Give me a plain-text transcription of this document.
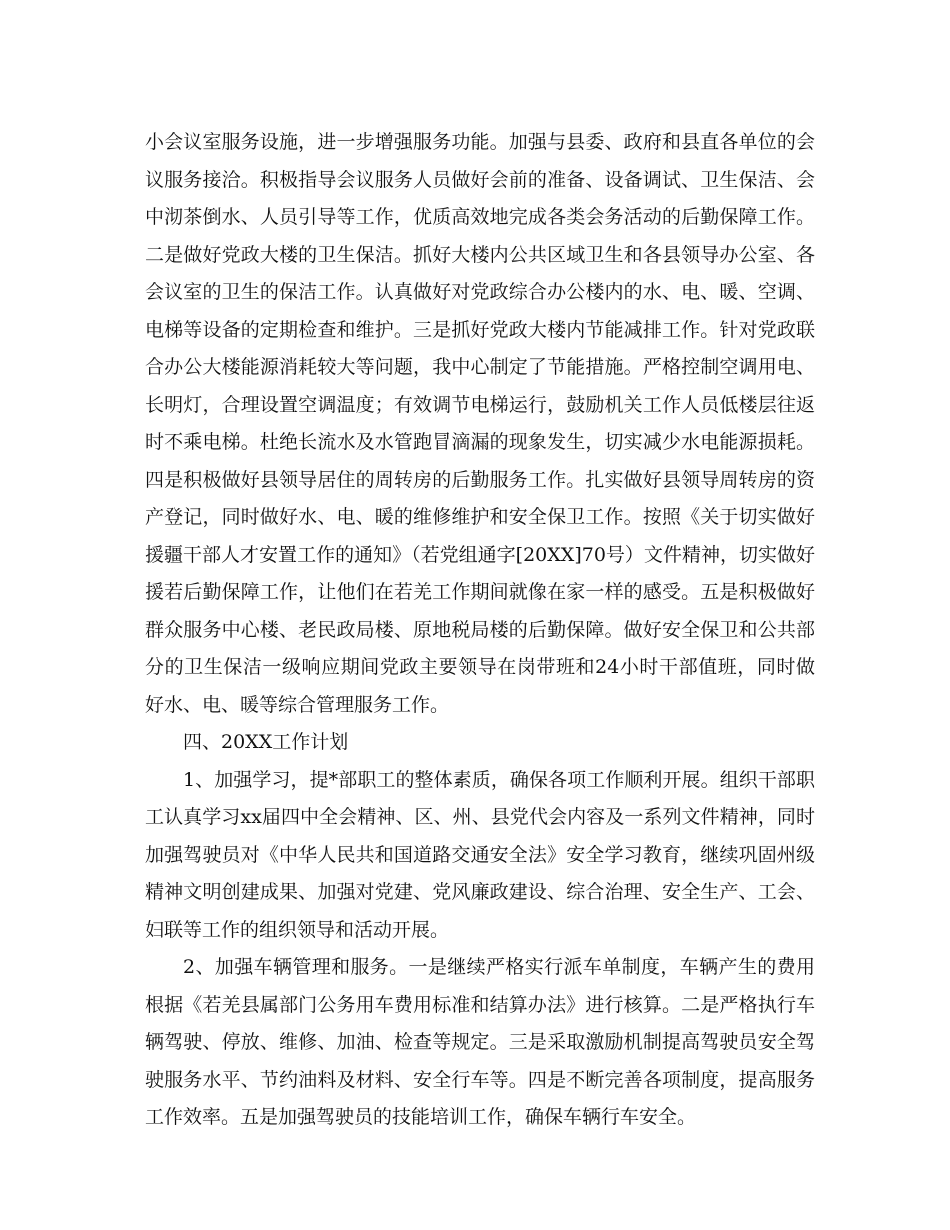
小会议室服务设施，进一步增强服务功能。加强与县委、政府和县直各单位的会议服务接洽。积极指导会议服务人员做好会前的准备、设备调试、卫生保洁、会中沏茶倒水、人员引导等工作，优质高效地完成各类会务活动的后勤保障工作。二是做好党政大楼的卫生保洁。抓好大楼内公共区域卫生和各县领导办公室、各会议室的卫生的保洁工作。认真做好对党政综合办公楼内的水、电、暖、空调、电梯等设备的定期检查和维护。三是抓好党政大楼内节能减排工作。针对党政联合办公大楼能源消耗较大等问题，我中心制定了节能措施。严格控制空调用电、长明灯，合理设置空调温度；有效调节电梯运行，鼓励机关工作人员低楼层往返时不乘电梯。杜绝长流水及水管跑冒滴漏的现象发生，切实减少水电能源损耗。四是积极做好县领导居住的周转房的后勤服务工作。扎实做好县领导周转房的资产登记，同时做好水、电、暖的维修维护和安全保卫工作。按照《关于切实做好援疆干部人才安置工作的通知》（若党组通字[20XX]70号）文件精神，切实做好援若后勤保障工作，让他们在若羌工作期间就像在家一样的感受。五是积极做好群众服务中心楼、老民政局楼、原地税局楼的后勤保障。做好安全保卫和公共部分的卫生保洁一级响应期间党政主要领导在岗带班和24小时干部值班，同时做好水、电、暖等综合管理服务工作。

四、20XX工作计划

1、加强学习，提*部职工的整体素质，确保各项工作顺利开展。组织干部职工认真学习xx届四中全会精神、区、州、县党代会内容及一系列文件精神，同时加强驾驶员对《中华人民共和国道路交通安全法》安全学习教育，继续巩固州级精神文明创建成果、加强对党建、党风廉政建设、综合治理、安全生产、工会、妇联等工作的组织领导和活动开展。

2、加强车辆管理和服务。一是继续严格实行派车单制度，车辆产生的费用根据《若羌县属部门公务用车费用标准和结算办法》进行核算。二是严格执行车辆驾驶、停放、维修、加油、检查等规定。三是采取激励机制提高驾驶员安全驾驶服务水平、节约油料及材料、安全行车等。四是不断完善各项制度，提高服务工作效率。五是加强驾驶员的技能培训工作，确保车辆行车安全。
